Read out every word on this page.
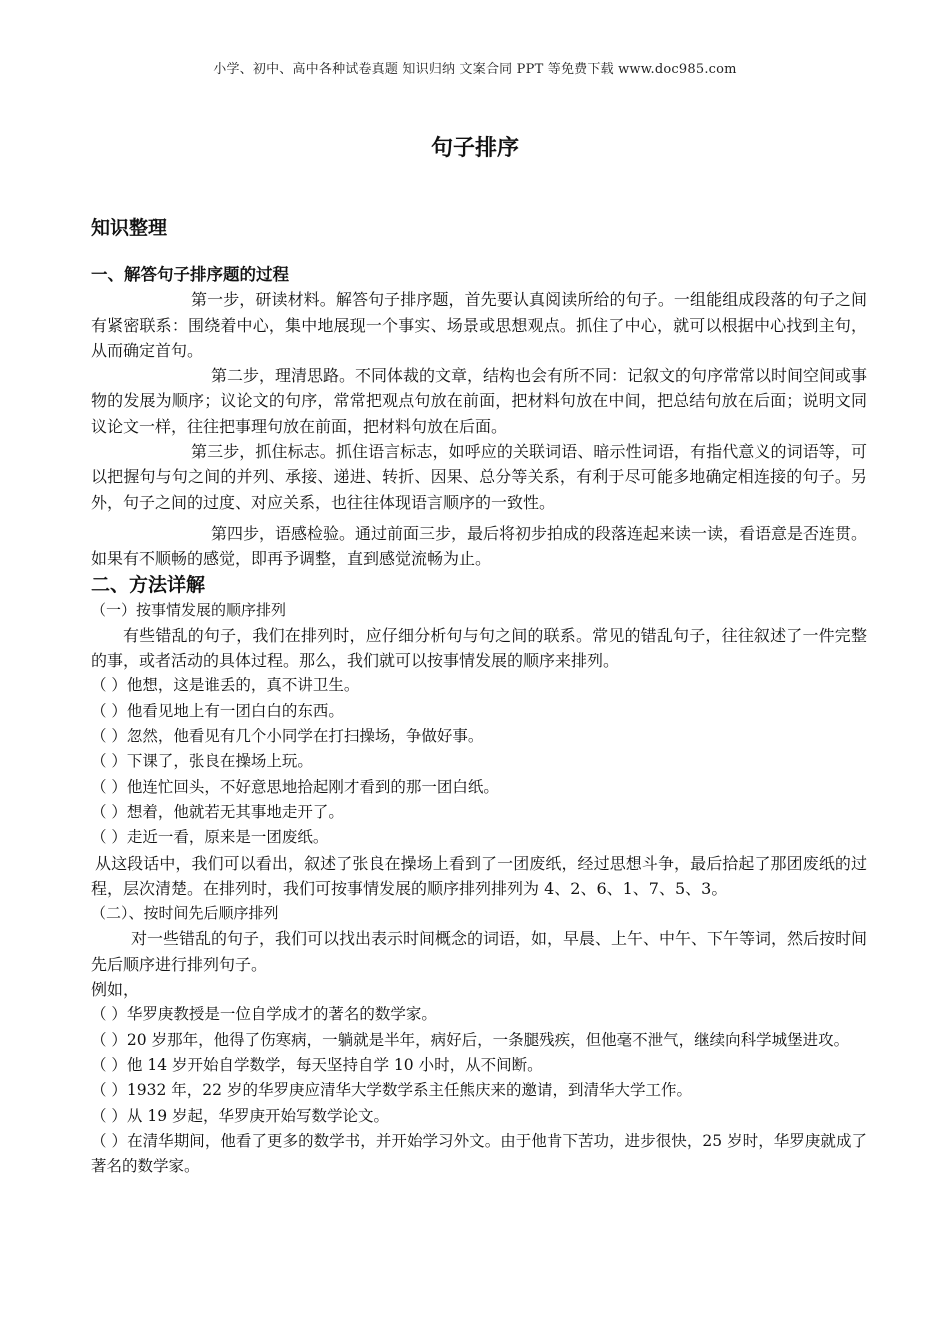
小学、初中、高中各种试卷真题 知识归纳 文案合同 PPT 等免费下载 www.doc985.com
句子排序
知识整理

一、解答句子排序题的过程

第一步，研读材料。解答句子排序题，首先要认真阅读所给的句子。一组能组成段落的句子之间有紧密联系：围绕着中心，集中地展现一个事实、场景或思想观点。抓住了中心，就可以根据中心找到主句，从而确定首句。

第二步，理清思路。不同体裁的文章，结构也会有所不同：记叙文的句序常常以时间空间或事物的发展为顺序；议论文的句序，常常把观点句放在前面，把材料句放在中间，把总结句放在后面；说明文同议论文一样，往往把事理句放在前面，把材料句放在后面。

第三步，抓住标志。抓住语言标志，如呼应的关联词语、暗示性词语，有指代意义的词语等，可以把握句与句之间的并列、承接、递进、转折、因果、总分等关系，有利于尽可能多地确定相连接的句子。另外，句子之间的过度、对应关系，也往往体现语言顺序的一致性。

第四步，语感检验。通过前面三步，最后将初步拍成的段落连起来读一读，看语意是否连贯。如果有不顺畅的感觉，即再予调整，直到感觉流畅为止。

二、方法详解

（一）按事情发展的顺序排列

有些错乱的句子，我们在排列时，应仔细分析句与句之间的联系。常见的错乱句子，往往叙述了一件完整的事，或者活动的具体过程。那么，我们就可以按事情发展的顺序来排列。

（ ）他想，这是谁丢的，真不讲卫生。

（ ）他看见地上有一团白白的东西。

（ ）忽然，他看见有几个小同学在打扫操场，争做好事。

（ ）下课了，张良在操场上玩。

（ ）他连忙回头，不好意思地拾起刚才看到的那一团白纸。

（ ）想着，他就若无其事地走开了。

（ ）走近一看，原来是一团废纸。

从这段话中，我们可以看出，叙述了张良在操场上看到了一团废纸，经过思想斗争，最后拾起了那团废纸的过程，层次清楚。在排列时，我们可按事情发展的顺序排列排列为 4、2、6、1、7、5、3。

（二）、按时间先后顺序排列

对一些错乱的句子，我们可以找出表示时间概念的词语，如，早晨、上午、中午、下午等词，然后按时间先后顺序进行排列句子。

例如，

（ ）华罗庚教授是一位自学成才的著名的数学家。

（ ）20 岁那年，他得了伤寒病，一躺就是半年，病好后，一条腿残疾，但他毫不泄气，继续向科学城堡进攻。

（ ）他 14 岁开始自学数学，每天坚持自学 10 小时，从不间断。

（ ）1932 年，22 岁的华罗庚应清华大学数学系主任熊庆来的邀请，到清华大学工作。

（ ）从 19 岁起，华罗庚开始写数学论文。

（ ）在清华期间，他看了更多的数学书，并开始学习外文。由于他肯下苦功，进步很快，25 岁时，华罗庚就成了著名的数学家。
